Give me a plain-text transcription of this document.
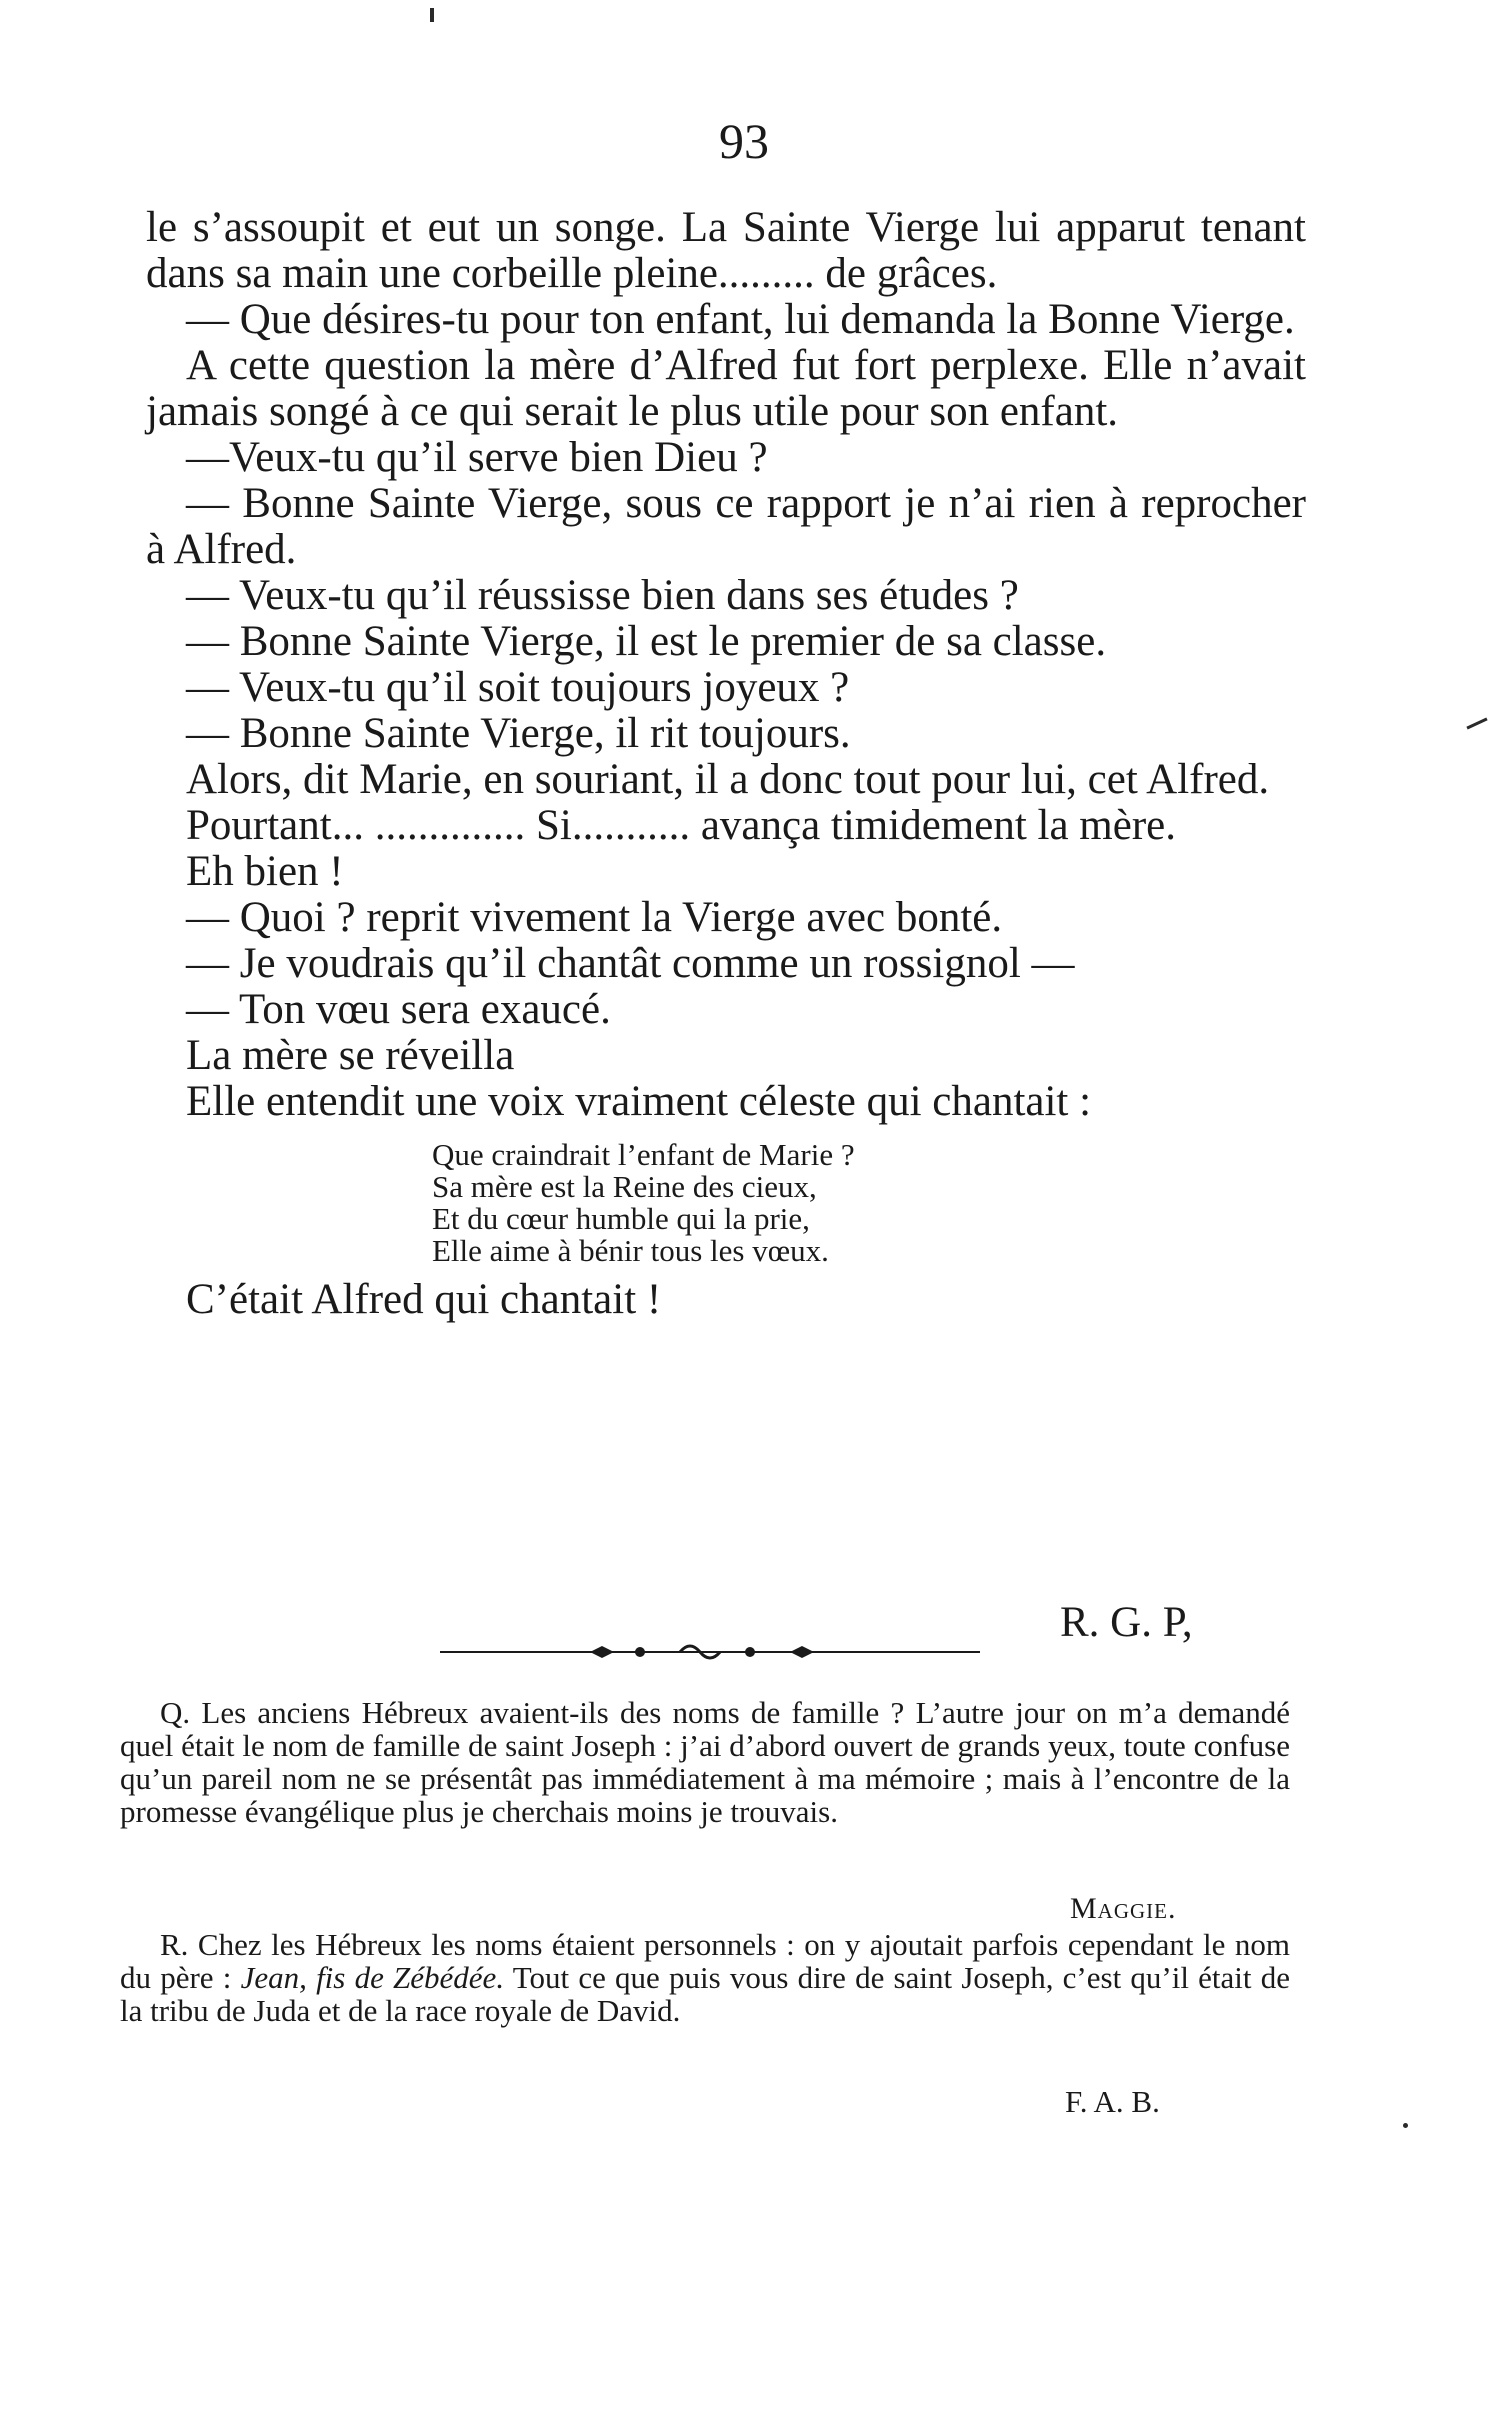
93

le s’assoupit et eut un songe. La Sainte Vierge lui apparut tenant dans sa main une corbeille pleine......... de grâces.

— Que désires-tu pour ton enfant, lui demanda la Bonne Vierge.

A cette question la mère d’Alfred fut fort perplexe. Elle n’avait jamais songé à ce qui serait le plus utile pour son enfant.

—Veux-tu qu’il serve bien Dieu ?

— Bonne Sainte Vierge, sous ce rapport je n’ai rien à reprocher à Alfred.

— Veux-tu qu’il réussisse bien dans ses études ?

— Bonne Sainte Vierge, il est le premier de sa classe.

— Veux-tu qu’il soit toujours joyeux ?

— Bonne Sainte Vierge, il rit toujours.

Alors, dit Marie, en souriant, il a donc tout pour lui, cet Alfred.

Pourtant... .............. Si........... avança timidement la mère.

Eh bien !

— Quoi ? reprit vivement la Vierge avec bonté.

— Je voudrais qu’il chantât comme un rossignol —

— Ton vœu sera exaucé.

La mère se réveilla

Elle entendit une voix vraiment céleste qui chantait :

Que craindrait l’enfant de Marie ?
Sa mère est la Reine des cieux,
Et du cœur humble qui la prie,
Elle aime à bénir tous les vœux.

C’était Alfred qui chantait !

R. G. P,

Q. Les anciens Hébreux avaient-ils des noms de famille ? L’autre jour on m’a demandé quel était le nom de famille de saint Joseph : j’ai d’abord ouvert de grands yeux, toute confuse qu’un pareil nom ne se présentât pas immédiatement à ma mémoire ; mais à l’encontre de la promesse évangélique plus je cherchais moins je trouvais.

Maggie.

R. Chez les Hébreux les noms étaient personnels : on y ajoutait parfois cependant le nom du père : Jean, fis de Zébédée. Tout ce que puis vous dire de saint Joseph, c’est qu’il était de la tribu de Juda et de la race royale de David.

F. A. B.
